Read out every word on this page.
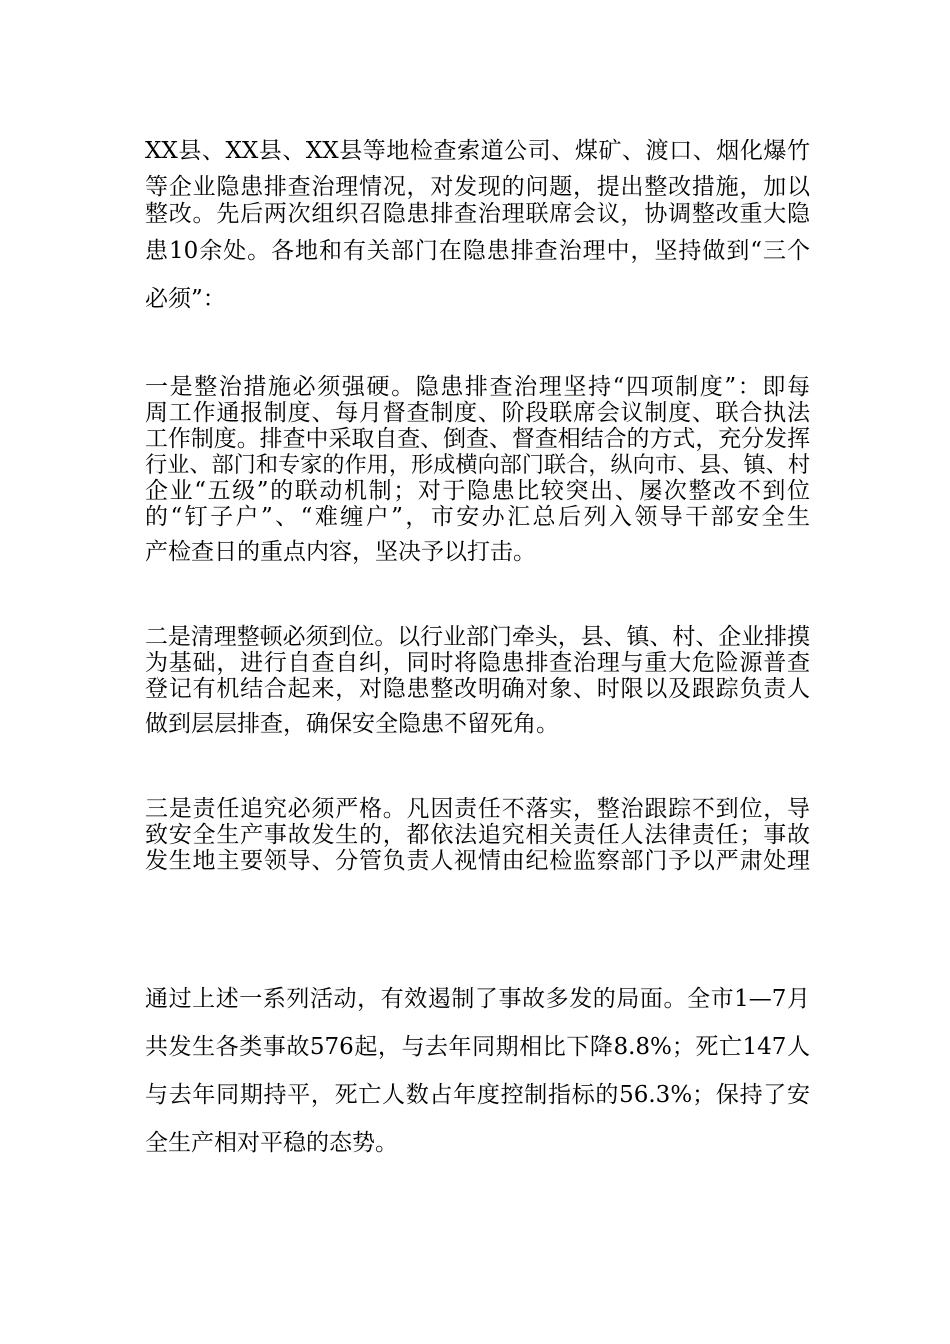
XX县、XX县、XX县等地检查索道公司、煤矿、渡口、烟化爆竹
等企业隐患排查治理情况，对发现的问题，提出整改措施，加以
整改。先后两次组织召隐患排查治理联席会议，协调整改重大隐
患10余处。各地和有关部门在隐患排查治理中，坚持做到“三个
必须”：
一是整治措施必须强硬。隐患排查治理坚持“四项制度”：即每
周工作通报制度、每月督查制度、阶段联席会议制度、联合执法
工作制度。排查中采取自查、倒查、督查相结合的方式，充分发挥
行业、部门和专家的作用，形成横向部门联合，纵向市、县、镇、村
企业“五级”的联动机制；对于隐患比较突出、屡次整改不到位
的“钉子户”、“难缠户”，市安办汇总后列入领导干部安全生
产检查日的重点内容，坚决予以打击。
二是清理整顿必须到位。以行业部门牵头，县、镇、村、企业排摸
为基础，进行自查自纠，同时将隐患排查治理与重大危险源普查
登记有机结合起来，对隐患整改明确对象、时限以及跟踪负责人
做到层层排查，确保安全隐患不留死角。
三是责任追究必须严格。凡因责任不落实，整治跟踪不到位，导
致安全生产事故发生的，都依法追究相关责任人法律责任；事故
发生地主要领导、分管负责人视情由纪检监察部门予以严肃处理
通过上述一系列活动，有效遏制了事故多发的局面。全市1—7月
共发生各类事故576起，与去年同期相比下降8.8%；死亡147人
与去年同期持平，死亡人数占年度控制指标的56.3%；保持了安
全生产相对平稳的态势。
